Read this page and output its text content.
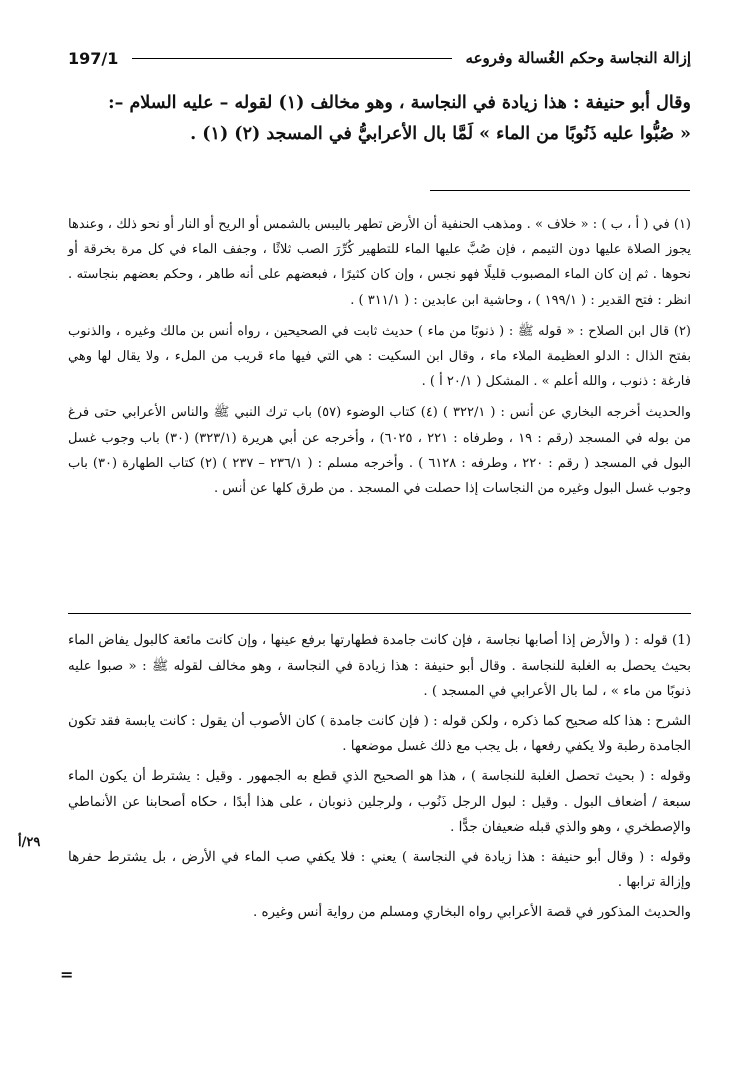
إزالة النجاسة وحكم الغُسالة وفروعه
197/1

وقال أبو حنيفة : هذا زيادة في النجاسة ، وهو مخالف (١) لقوله – عليه السلام –:

« صُبُّوا عليه ذَنُوبًا من الماء » لَمَّا بال الأعرابيُّ في المسجد (٢) (١) .

(١) في ( أ ، ب ) : « خلاف » . ومذهب الحنفية أن الأرض تطهر باليبس بالشمس أو الريح أو النار أو نحو ذلك ، وعندها يجوز الصلاة عليها دون التيمم ، فإن صُبَّ عليها الماء للتطهير كُرِّرَ الصب ثلاثًا ، وجفف الماء في كل مرة بخرقة أو نحوها . ثم إن كان الماء المصبوب قليلًا فهو نجس ، وإن كان كثيرًا ، فبعضهم على أنه طاهر ، وحكم بعضهم بنجاسته . انظر : فتح القدير : ( ١٩٩/١ ) ، وحاشية ابن عابدين : ( ٣١١/١ ) .

(٢) قال ابن الصلاح : « قوله ﷺ : ( ذنوبًا من ماء ) حديث ثابت في الصحيحين ، رواه أنس بن مالك وغيره ، والذنوب بفتح الذال : الدلو العظيمة الملاء ماء ، وقال ابن السكيت : هي التي فيها ماء قريب من الملء ، ولا يقال لها وهي فارغة : ذنوب ، والله أعلم » . المشكل ( ٢٠/١ أ ) .

والحديث أخرجه البخاري عن أنس : ( ٣٢٢/١ ) (٤) كتاب الوضوء (٥٧) باب ترك النبي ﷺ والناس الأعرابي حتى فرغ من بوله في المسجد (رقم : ١٩ ، وطرفاه : ٢٢١ ، ٦٠٢٥) ، وأخرجه عن أبي هريرة (٣٢٣/١) (٣٠) باب وجوب غسل البول في المسجد ( رقم : ٢٢٠ ، وطرفه : ٦١٢٨ ) . وأخرجه مسلم : ( ٢٣٦/١ – ٢٣٧ ) (٢) كتاب الطهارة (٣٠) باب وجوب غسل البول وغيره من النجاسات إذا حصلت في المسجد . من طرق كلها عن أنس .

(1) قوله : ( والأرض إذا أصابها نجاسة ، فإن كانت جامدة فطهارتها برفع عينها ، وإن كانت مائعة كالبول يفاض الماء بحيث يحصل به الغلبة للنجاسة . وقال أبو حنيفة : هذا زيادة في النجاسة ، وهو مخالف لقوله ﷺ : « صبوا عليه ذنوبًا من ماء » ، لما بال الأعرابي في المسجد ) .

الشرح : هذا كله صحيح كما ذكره ، ولكن قوله : ( فإن كانت جامدة ) كان الأصوب أن يقول : كانت يابسة فقد تكون الجامدة رطبة ولا يكفي رفعها ، بل يجب مع ذلك غسل موضعها .

وقوله : ( بحيث تحصل الغلبة للنجاسة ) ، هذا هو الصحيح الذي قطع به الجمهور . وقيل : يشترط أن يكون الماء سبعة / أضعاف البول . وقيل : لبول الرجل ذَنُوب ، ولرجلين ذنوبان ، على هذا أبدًا ، حكاه أصحابنا عن الأنماطي والإصطخري ، وهو والذي قبله ضعيفان جدًّا .

وقوله : ( وقال أبو حنيفة : هذا زيادة في النجاسة ) يعني : فلا يكفي صب الماء في الأرض ، بل يشترط حفرها وإزالة ترابها .

والحديث المذكور في قصة الأعرابي رواه البخاري ومسلم من رواية أنس وغيره .

٢٩/أ
=
